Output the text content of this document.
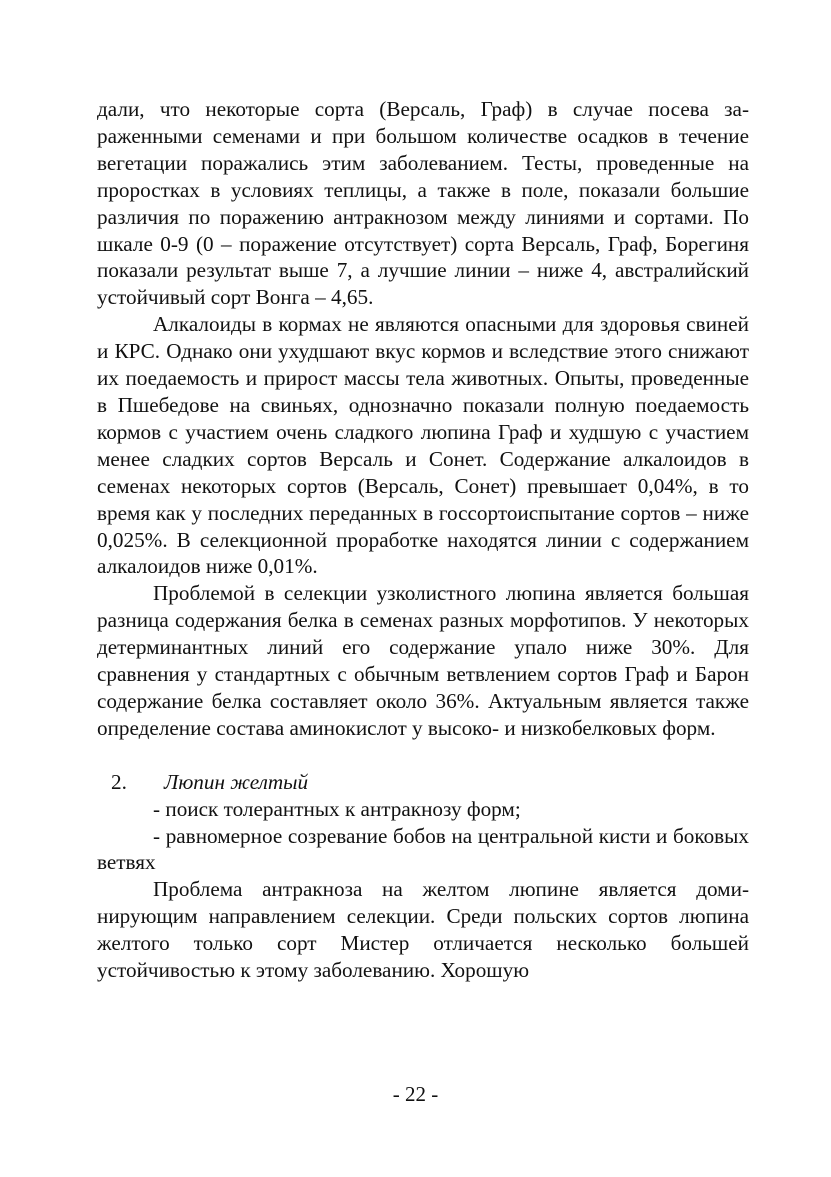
дали, что некоторые сорта (Версаль, Граф) в случае посева зараженными семенами и при большом количестве осадков в течение вегетации поражались этим заболеванием. Тесты, проведенные на проростках в условиях теплицы, а также в поле, показали большие различия по поражению антракнозом между линиями и сортами. По шкале 0-9 (0 – поражение отсутствует) сорта Версаль, Граф, Борегиня показали результат выше 7, а лучшие линии – ниже 4, австралийский устойчивый сорт Вонга – 4,65.

Алкалоиды в кормах не являются опасными для здоровья свиней и КРС. Однако они ухудшают вкус кормов и вследствие этого снижают их поедаемость и прирост массы тела животных. Опыты, проведенные в Пшебедове на свиньях, однозначно показали полную поедаемость кормов с участием очень сладкого люпина Граф и худшую с участием менее сладких сортов Версаль и Сонет. Содержание алкалоидов в семенах некоторых сортов (Версаль, Сонет) превышает 0,04%, в то время как у последних переданных в госсортоиспытание сортов – ниже 0,025%. В селекционной проработке находятся линии с содержанием алкалоидов ниже 0,01%.

Проблемой в селекции узколистного люпина является большая разница содержания белка в семенах разных морфотипов. У некоторых детерминантных линий его содержание упало ниже 30%. Для сравнения у стандартных с обычным ветвлением сортов Граф и Барон содержание белка составляет около 36%. Актуальным является также определение состава аминокислот у высоко- и низкобелковых форм.

2.	Люпин желтый

- поиск толерантных к антракнозу форм;

- равномерное созревание бобов на центральной кисти и боковых ветвях

Проблема антракноза на желтом люпине является доминирующим направлением селекции. Среди польских сортов люпина желтого только сорт Мистер отличается несколько большей устойчивостью к этому заболеванию. Хорошую

- 22 -
